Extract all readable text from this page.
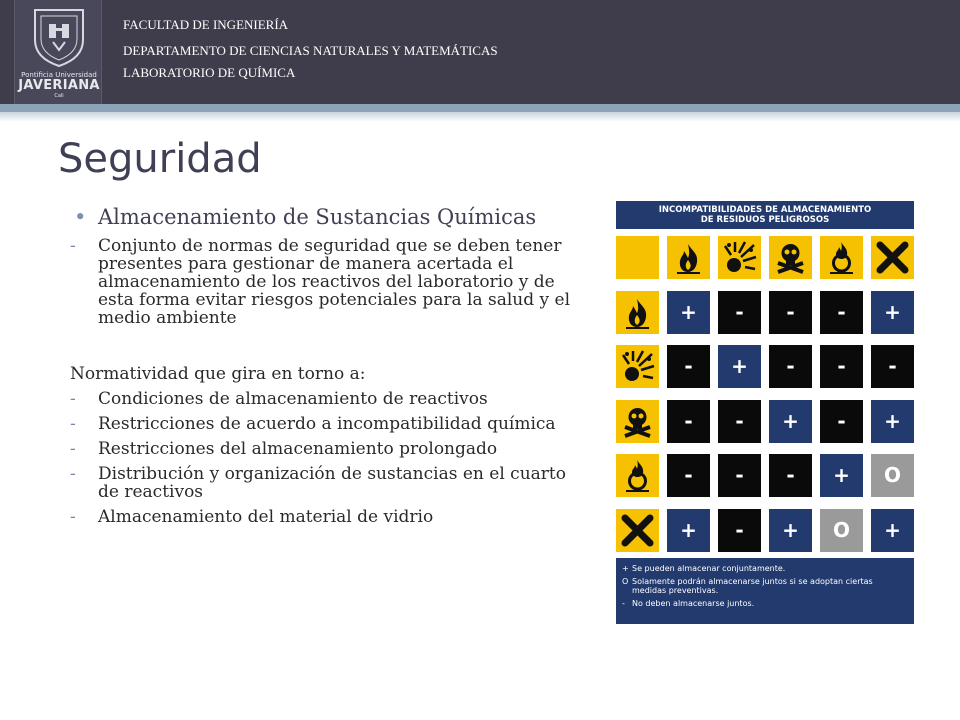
Pontificia Universidad
JAVERIANA
Cali
FACULTAD DE INGENIERÍA
DEPARTAMENTO DE CIENCIAS NATURALES Y MATEMÁTICAS
LABORATORIO DE QUÍMICA
Seguridad
• Almacenamiento de Sustancias Químicas
- Conjunto de normas de seguridad que se deben tener presentes para gestionar de manera acertada el almacenamiento de los reactivos del laboratorio y de esta forma evitar riesgos potenciales para la salud y el medio ambiente
Normatividad que gira en torno a:
- Condiciones de almacenamiento de reactivos
- Restricciones de acuerdo a incompatibilidad química
- Restricciones del almacenamiento prolongado
- Distribución y organización de sustancias en el cuarto de reactivos
- Almacenamiento del material de vidrio
INCOMPATIBILIDADES DE ALMACENAMIENTO
DE RESIDUOS PELIGROSOS
+ Se pueden almacenar conjuntamente.
O Solamente podrán almacenarse juntos si se adoptan ciertas medidas preventivas.
- No deben almacenarse juntos.
+	-	-	-	+
-	+	-	-	-
-	-	+	-	+
-	-	-	+	O
+	-	+	O	+
